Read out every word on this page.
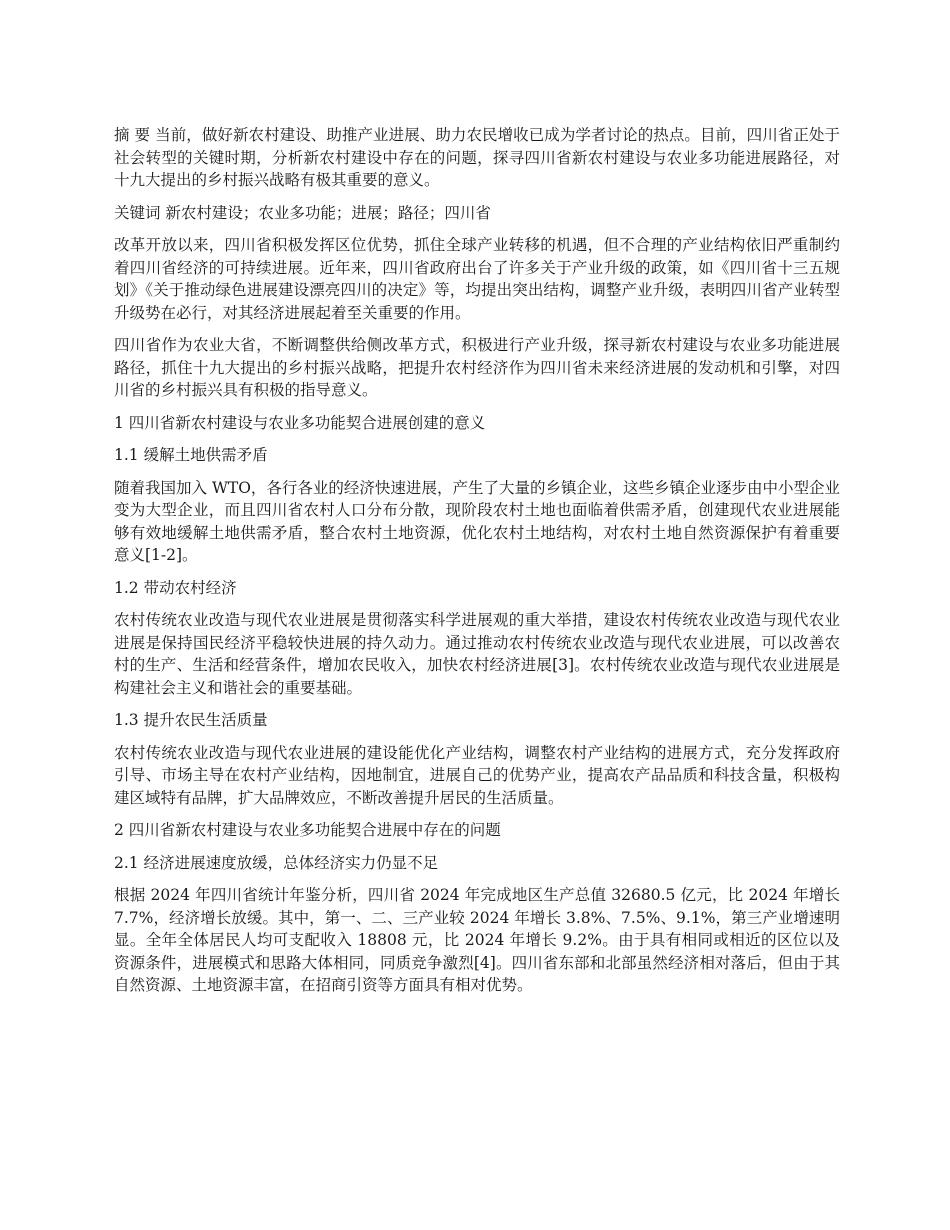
摘 要 当前，做好新农村建设、助推产业进展、助力农民增收已成为学者讨论的热点。目前，四川省正处于社会转型的关键时期，分析新农村建设中存在的问题，探寻四川省新农村建设与农业多功能进展路径，对十九大提出的乡村振兴战略有极其重要的意义。

关键词 新农村建设；农业多功能；进展；路径；四川省

改革开放以来，四川省积极发挥区位优势，抓住全球产业转移的机遇，但不合理的产业结构依旧严重制约着四川省经济的可持续进展。近年来，四川省政府出台了许多关于产业升级的政策，如《四川省十三五规划》《关于推动绿色进展建设漂亮四川的决定》等，均提出突出结构，调整产业升级，表明四川省产业转型升级势在必行，对其经济进展起着至关重要的作用。

四川省作为农业大省，不断调整供给侧改革方式，积极进行产业升级，探寻新农村建设与农业多功能进展路径，抓住十九大提出的乡村振兴战略，把提升农村经济作为四川省未来经济进展的发动机和引擎，对四川省的乡村振兴具有积极的指导意义。

1 四川省新农村建设与农业多功能契合进展创建的意义

1.1 缓解土地供需矛盾

随着我国加入 WTO，各行各业的经济快速进展，产生了大量的乡镇企业，这些乡镇企业逐步由中小型企业变为大型企业，而且四川省农村人口分布分散，现阶段农村土地也面临着供需矛盾，创建现代农业进展能够有效地缓解土地供需矛盾，整合农村土地资源，优化农村土地结构，对农村土地自然资源保护有着重要意义[1-2]。

1.2 带动农村经济

农村传统农业改造与现代农业进展是贯彻落实科学进展观的重大举措，建设农村传统农业改造与现代农业进展是保持国民经济平稳较快进展的持久动力。通过推动农村传统农业改造与现代农业进展，可以改善农村的生产、生活和经营条件，增加农民收入，加快农村经济进展[3]。农村传统农业改造与现代农业进展是构建社会主义和谐社会的重要基础。

1.3 提升农民生活质量

农村传统农业改造与现代农业进展的建设能优化产业结构，调整农村产业结构的进展方式，充分发挥政府引导、市场主导在农村产业结构，因地制宜，进展自己的优势产业，提高农产品品质和科技含量，积极构建区域特有品牌，扩大品牌效应，不断改善提升居民的生活质量。

2 四川省新农村建设与农业多功能契合进展中存在的问题

2.1 经济进展速度放缓，总体经济实力仍显不足

根据 2024 年四川省统计年鉴分析，四川省 2024 年完成地区生产总值 32680.5 亿元，比 2024 年增长 7.7%，经济增长放缓。其中，第一、二、三产业较 2024 年增长 3.8%、7.5%、9.1%，第三产业增速明显。全年全体居民人均可支配收入 18808 元，比 2024 年增长 9.2%。由于具有相同或相近的区位以及资源条件，进展模式和思路大体相同，同质竞争激烈[4]。四川省东部和北部虽然经济相对落后，但由于其自然资源、土地资源丰富，在招商引资等方面具有相对优势。
